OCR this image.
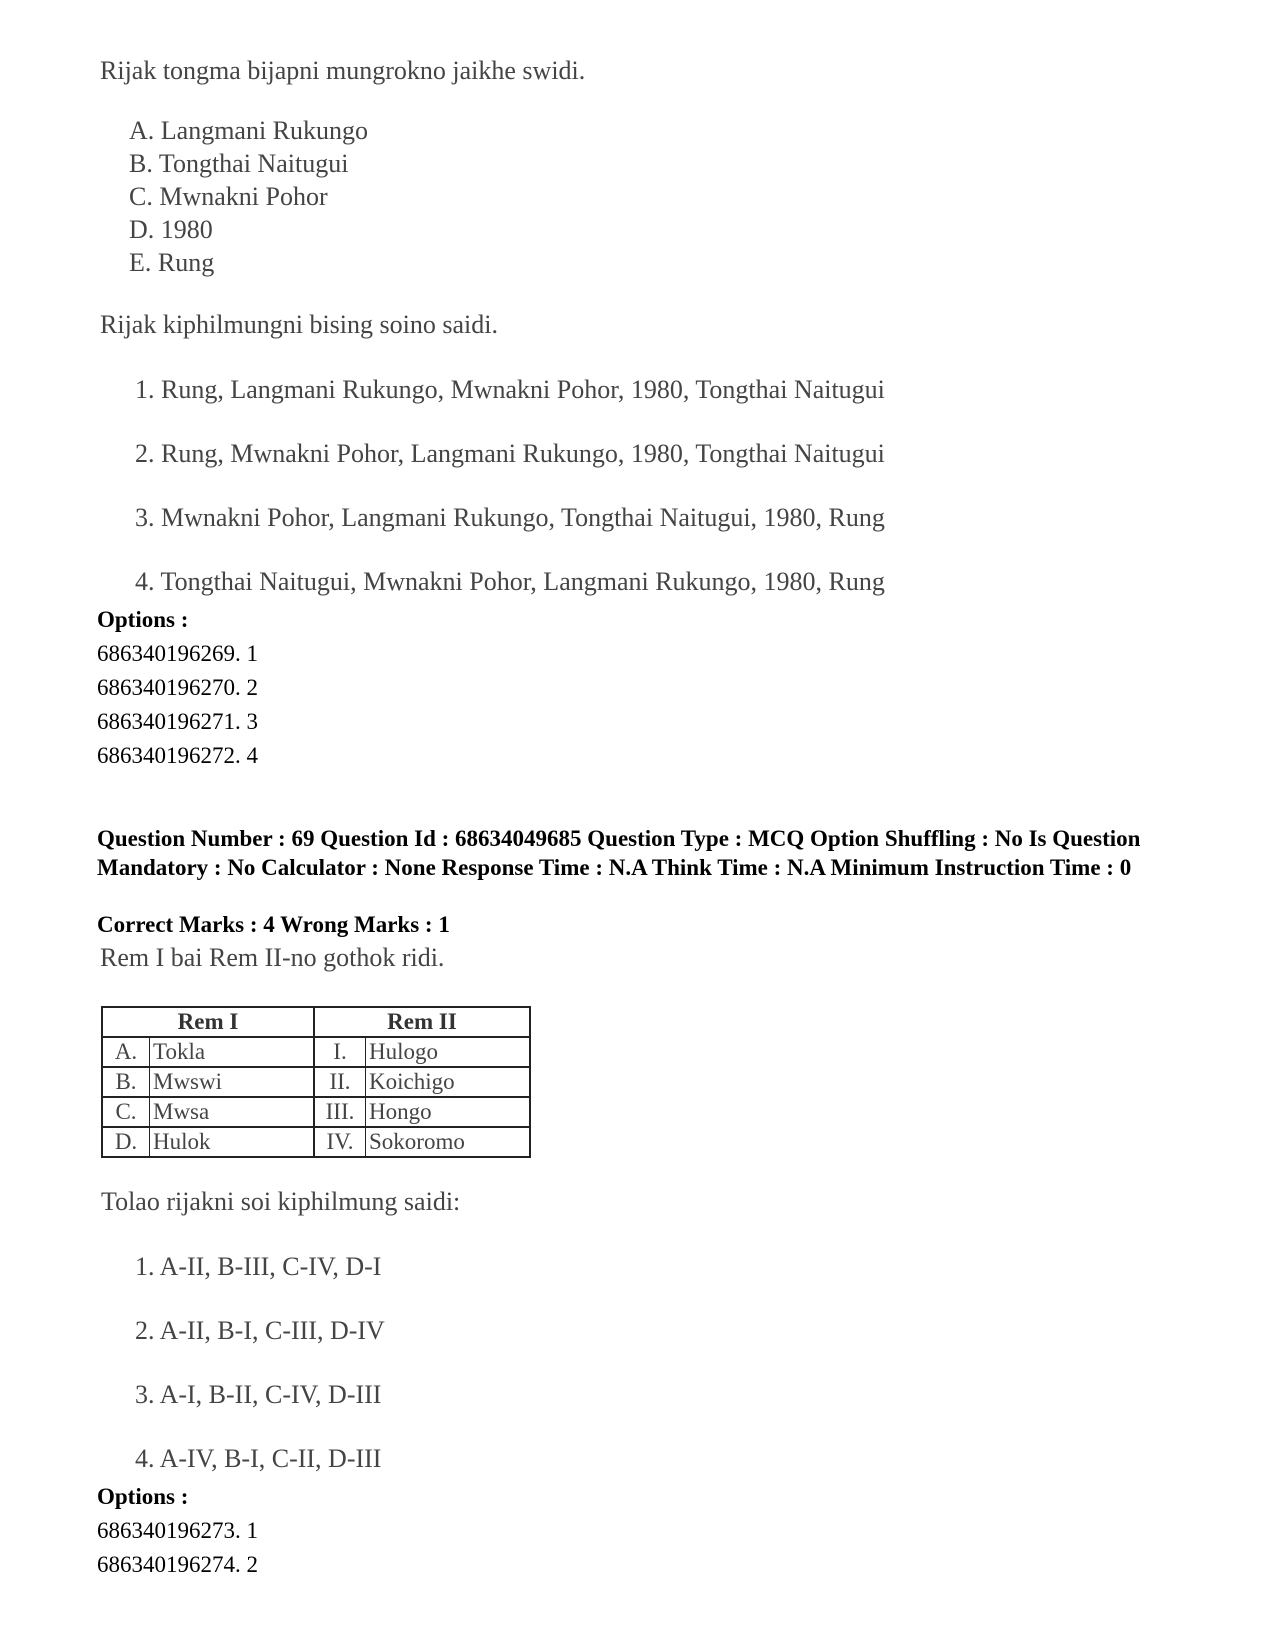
Rijak tongma bijapni mungrokno jaikhe swidi.
A. Langmani Rukungo
B. Tongthai Naitugui
C. Mwnakni Pohor
D. 1980
E. Rung
Rijak kiphilmungni bising soino saidi.
1. Rung, Langmani Rukungo, Mwnakni Pohor, 1980, Tongthai Naitugui
2. Rung, Mwnakni Pohor, Langmani Rukungo, 1980, Tongthai Naitugui
3. Mwnakni Pohor, Langmani Rukungo, Tongthai Naitugui, 1980, Rung
4. Tongthai Naitugui, Mwnakni Pohor, Langmani Rukungo, 1980, Rung
Options :
686340196269. 1
686340196270. 2
686340196271. 3
686340196272. 4
Question Number : 69 Question Id : 68634049685 Question Type : MCQ Option Shuffling : No Is Question Mandatory : No Calculator : None Response Time : N.A Think Time : N.A Minimum Instruction Time : 0
Correct Marks : 4 Wrong Marks : 1
Rem I bai Rem II-no gothok ridi.
Rem I		Rem II	
A.	Tokla	I.	Hulogo
B.	Mwswi	II.	Koichigo
C.	Mwsa	III.	Hongo
D.	Hulok	IV.	Sokoromo
Tolao rijakni soi kiphilmung saidi:
1. A-II, B-III, C-IV, D-I
2. A-II, B-I, C-III, D-IV
3. A-I, B-II, C-IV, D-III
4. A-IV, B-I, C-II, D-III
Options :
686340196273. 1
686340196274. 2
